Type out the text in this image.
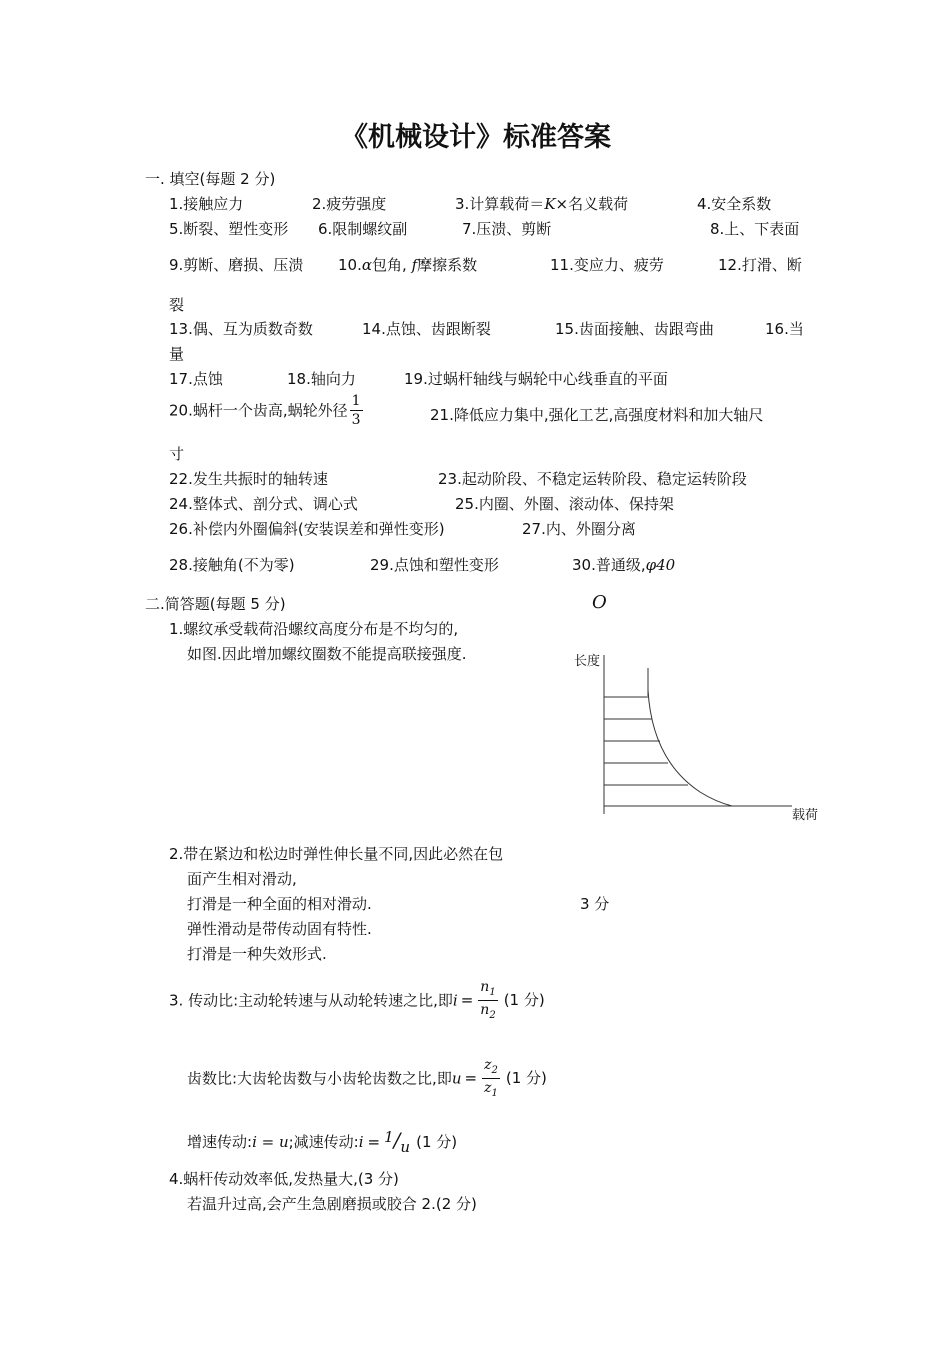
《机械设计》标准答案
一. 填空(每题 2 分)
1.接触应力	2.疲劳强度	3.计算载荷＝K×名义载荷	4.安全系数
5.断裂、塑性变形 6.限制螺纹副	7.压溃、剪断	8.上、下表面
9.剪断、磨损、压溃 10.α包角, f摩擦系数	11.变应力、疲劳	12.打滑、断
裂
13.偶、互为质数奇数	14.点蚀、齿跟断裂	15.齿面接触、齿跟弯曲	16.当
量
17.点蚀	18.轴向力	19.过蜗杆轴线与蜗轮中心线垂直的平面
20.蜗杆一个齿高,蜗轮外径 $\frac{1}{3}$	21.降低应力集中,强化工艺,高强度材料和加大轴尺
寸
22.发生共振时的轴转速	23.起动阶段、不稳定运转阶段、稳定运转阶段
24.整体式、剖分式、调心式	25.内圈、外圈、滚动体、保持架
26.补偿内外圈偏斜(安装误差和弹性变形)	27.内、外圈分离
28.接触角(不为零)	29.点蚀和塑性变形	30.普通级,φ40
二.简答题(每题 5 分)	O
1.螺纹承受载荷沿螺纹高度分布是不均匀的,
如图.因此增加螺纹圈数不能提高联接强度.	长度
载荷
2.带在紧边和松边时弹性伸长量不同,因此必然在包
面产生相对滑动,
打滑是一种全面的相对滑动.	3 分
弹性滑动是带传动固有特性.
打滑是一种失效形式.
3. 传动比:主动轮转速与从动轮转速之比,即$i = \frac{n_1}{n_2} (1$ 分)
齿数比:大齿轮齿数与小齿轮齿数之比,即$u = \frac{z_2}{z_1} (1$ 分)
增速传动:i = u;减速传动:i = 1/u (1 分)
4.蜗杆传动效率低,发热量大,(3 分)
若温升过高,会产生急剧磨损或胶合 2.(2 分)
